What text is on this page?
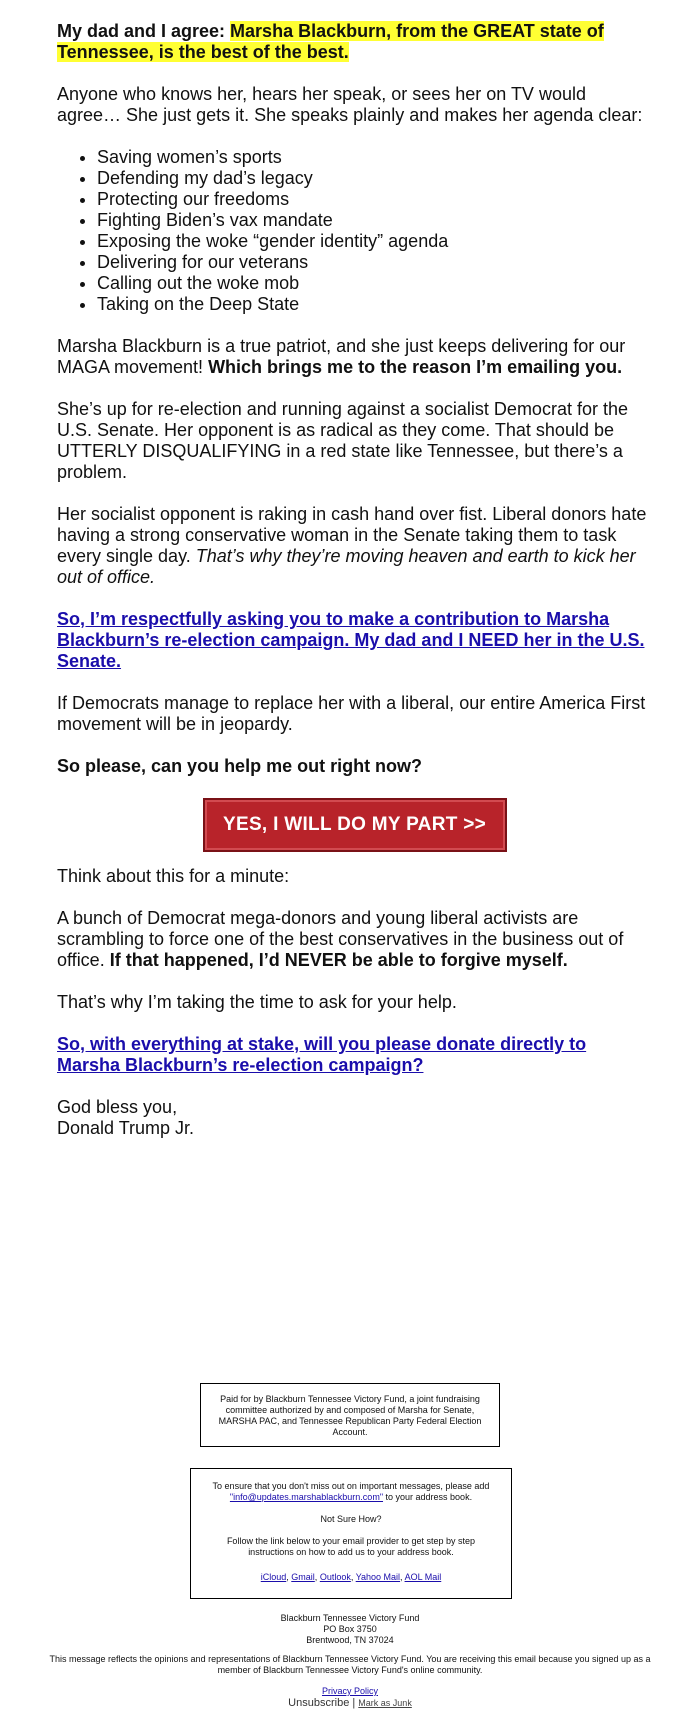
My dad and I agree: Marsha Blackburn, from the GREAT state of Tennessee, is the best of the best.

Anyone who knows her, hears her speak, or sees her on TV would agree… She just gets it. She speaks plainly and makes her agenda clear:

• Saving women’s sports
• Defending my dad’s legacy
• Protecting our freedoms
• Fighting Biden’s vax mandate
• Exposing the woke “gender identity” agenda
• Delivering for our veterans
• Calling out the woke mob
• Taking on the Deep State

Marsha Blackburn is a true patriot, and she just keeps delivering for our MAGA movement! Which brings me to the reason I’m emailing you.

She’s up for re-election and running against a socialist Democrat for the U.S. Senate. Her opponent is as radical as they come. That should be UTTERLY DISQUALIFYING in a red state like Tennessee, but there’s a problem.

Her socialist opponent is raking in cash hand over fist. Liberal donors hate having a strong conservative woman in the Senate taking them to task every single day. That’s why they’re moving heaven and earth to kick her out of office.

So, I’m respectfully asking you to make a contribution to Marsha Blackburn’s re-election campaign. My dad and I NEED her in the U.S. Senate.

If Democrats manage to replace her with a liberal, our entire America First movement will be in jeopardy.

So please, can you help me out right now?

YES, I WILL DO MY PART >>

Think about this for a minute:

A bunch of Democrat mega-donors and young liberal activists are scrambling to force one of the best conservatives in the business out of office. If that happened, I’d NEVER be able to forgive myself.

That’s why I’m taking the time to ask for your help.

So, with everything at stake, will you please donate directly to Marsha Blackburn’s re-election campaign?

God bless you,

Donald Trump Jr.

Paid for by Blackburn Tennessee Victory Fund, a joint fundraising committee authorized by and composed of Marsha for Senate, MARSHA PAC, and Tennessee Republican Party Federal Election Account.

To ensure that you don't miss out on important messages, please add "info@updates.marshablackburn.com" to your address book.

Not Sure How?

Follow the link below to your email provider to get step by step instructions on how to add us to your address book.

iCloud, Gmail, Outlook, Yahoo Mail, AOL Mail

Blackburn Tennessee Victory Fund

PO Box 3750

Brentwood, TN 37024

This message reflects the opinions and representations of Blackburn Tennessee Victory Fund. You are receiving this email because you signed up as a member of Blackburn Tennessee Victory Fund's online community.

Privacy Policy

Unsubscribe | Mark as Junk
